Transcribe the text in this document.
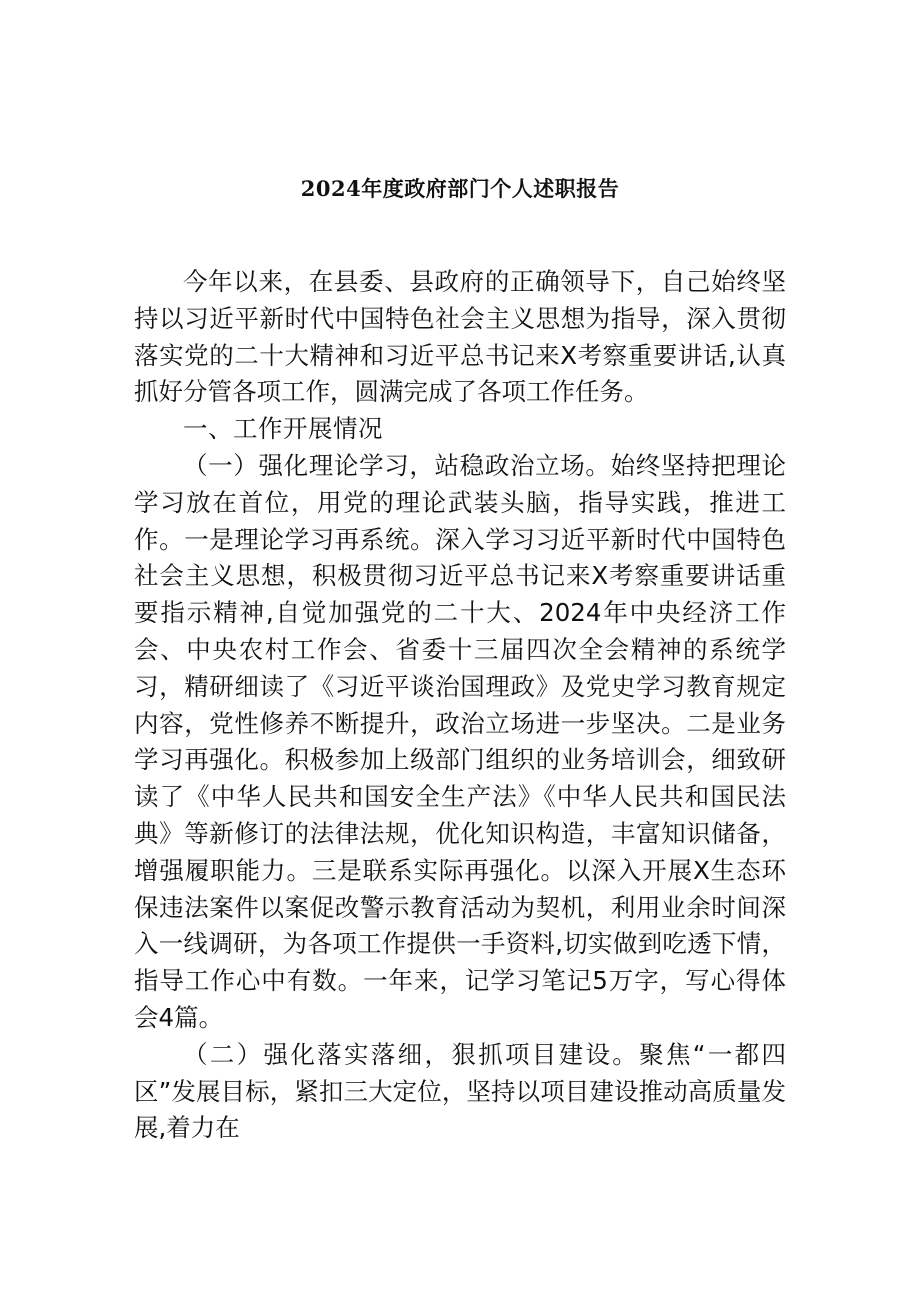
2024年度政府部门个人述职报告

今年以来，在县委、县政府的正确领导下，自己始终坚持以习近平新时代中国特色社会主义思想为指导，深入贯彻落实党的二十大精神和习近平总书记来X考察重要讲话,认真抓好分管各项工作，圆满完成了各项工作任务。

一、工作开展情况

（一）强化理论学习，站稳政治立场。始终坚持把理论学习放在首位，用党的理论武装头脑，指导实践，推进工作。一是理论学习再系统。深入学习习近平新时代中国特色社会主义思想，积极贯彻习近平总书记来X考察重要讲话重要指示精神,自觉加强党的二十大、2024年中央经济工作会、中央农村工作会、省委十三届四次全会精神的系统学习，精研细读了《习近平谈治国理政》及党史学习教育规定内容，党性修养不断提升，政治立场进一步坚决。二是业务学习再强化。积极参加上级部门组织的业务培训会，细致研读了《中华人民共和国安全生产法》《中华人民共和国民法典》等新修订的法律法规，优化知识构造，丰富知识储备，增强履职能力。三是联系实际再强化。以深入开展X生态环保违法案件以案促改警示教育活动为契机，利用业余时间深入一线调研，为各项工作提供一手资料,切实做到吃透下情，指导工作心中有数。一年来，记学习笔记5万字，写心得体会4篇。

（二）强化落实落细，狠抓项目建设。聚焦“一都四区”发展目标，紧扣三大定位，坚持以项目建设推动高质量发展,着力在
